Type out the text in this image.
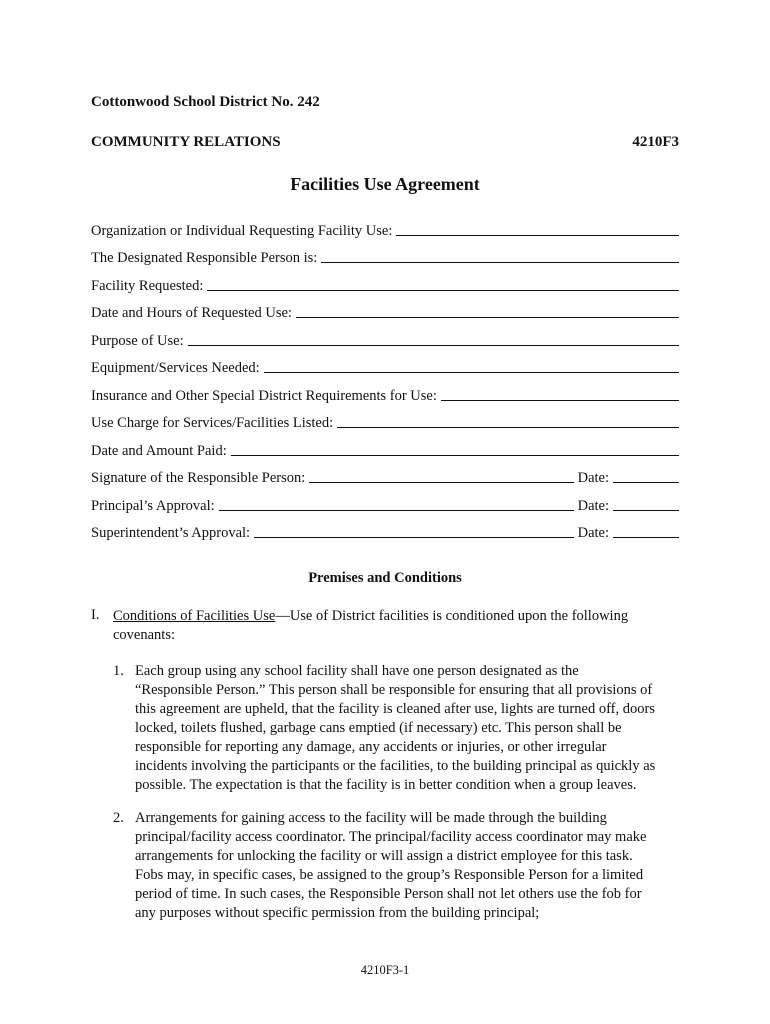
Cottonwood School District No. 242
COMMUNITY RELATIONS	4210F3
Facilities Use Agreement
Organization or Individual Requesting Facility Use:
The Designated Responsible Person is:
Facility Requested:
Date and Hours of Requested Use:
Purpose of Use:
Equipment/Services Needed:
Insurance and Other Special District Requirements for Use:
Use Charge for Services/Facilities Listed:
Date and Amount Paid:
Signature of the Responsible Person:	Date:
Principal’s Approval:	Date:
Superintendent’s Approval:	Date:
Premises and Conditions
I. Conditions of Facilities Use—Use of District facilities is conditioned upon the following
covenants:
1. Each group using any school facility shall have one person designated as the
“Responsible Person.” This person shall be responsible for ensuring that all provisions of
this agreement are upheld, that the facility is cleaned after use, lights are turned off, doors
locked, toilets flushed, garbage cans emptied (if necessary) etc. This person shall be
responsible for reporting any damage, any accidents or injuries, or other irregular
incidents involving the participants or the facilities, to the building principal as quickly as
possible. The expectation is that the facility is in better condition when a group leaves.
2. Arrangements for gaining access to the facility will be made through the building
principal/facility access coordinator. The principal/facility access coordinator may make
arrangements for unlocking the facility or will assign a district employee for this task.
Fobs may, in specific cases, be assigned to the group’s Responsible Person for a limited
period of time. In such cases, the Responsible Person shall not let others use the fob for
any purposes without specific permission from the building principal;
4210F3-1
